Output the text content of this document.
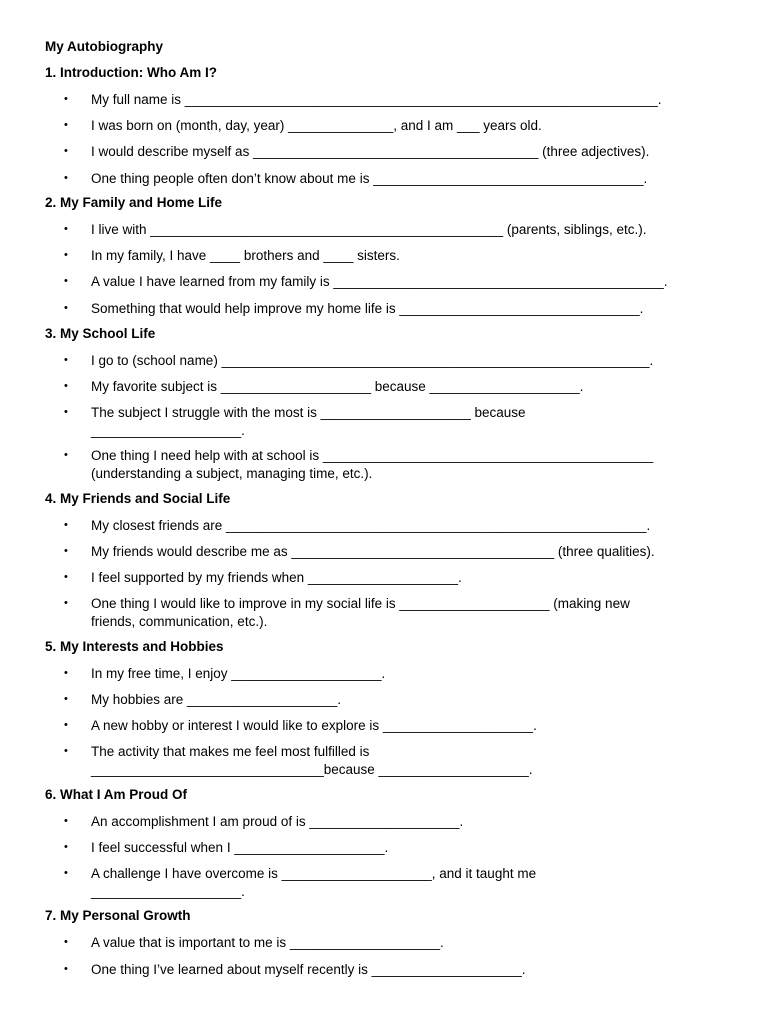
My Autobiography
1. Introduction: Who Am I?
•	My full name is _______________________________________________________________.
•	I was born on (month, day, year) ______________, and I am ___ years old.
•	I would describe myself as ______________________________________ (three adjectives).
•	One thing people often don’t know about me is ____________________________________.
2. My Family and Home Life
•	I live with _______________________________________________ (parents, siblings, etc.).
•	In my family, I have ____ brothers and ____ sisters.
•	A value I have learned from my family is ____________________________________________.
•	Something that would help improve my home life is ________________________________.
3. My School Life
•	I go to (school name) _________________________________________________________.
•	My favorite subject is ____________________ because ____________________.
•	The subject I struggle with the most is ____________________ because
____________________.
•	One thing I need help with at school is ____________________________________________
(understanding a subject, managing time, etc.).
4. My Friends and Social Life
•	My closest friends are ________________________________________________________.
•	My friends would describe me as ___________________________________ (three qualities).
•	I feel supported by my friends when ____________________.
•	One thing I would like to improve in my social life is ____________________ (making new
friends, communication, etc.).
5. My Interests and Hobbies
•	In my free time, I enjoy ____________________.
•	My hobbies are ____________________.
•	A new hobby or interest I would like to explore is ____________________.
•	The activity that makes me feel most fulfilled is
_______________________________because ____________________.
6. What I Am Proud Of
•	An accomplishment I am proud of is ____________________.
•	I feel successful when I ____________________.
•	A challenge I have overcome is ____________________, and it taught me
____________________.
7. My Personal Growth
•	A value that is important to me is ____________________.
•	One thing I’ve learned about myself recently is ____________________.
